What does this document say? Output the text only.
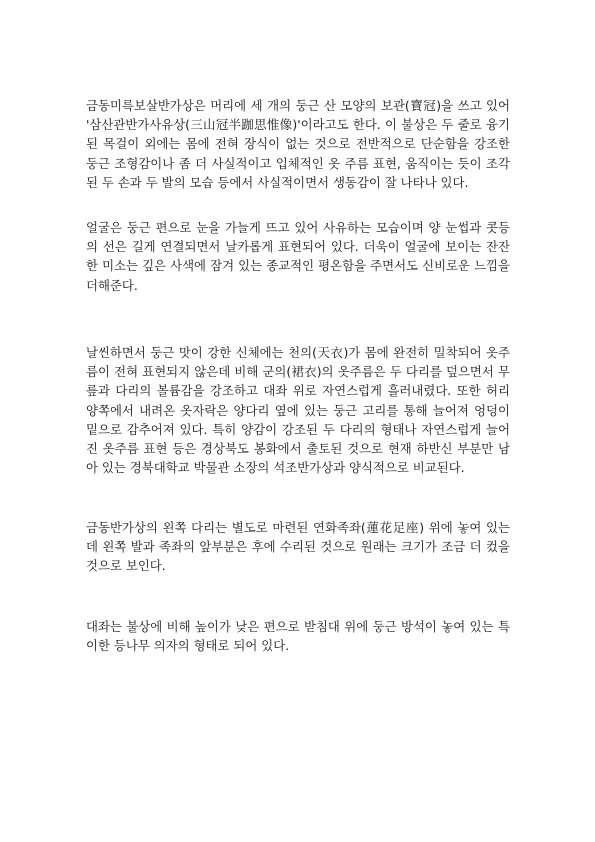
금동미륵보살반가상은 머리에 세 개의 둥근 산 모양의 보관(寶冠)을 쓰고 있어 '삼산관반가사유상(三山冠半跏思惟像)'이라고도 한다. 이 불상은 두 줄로 융기된 목걸이 외에는 몸에 전혀 장식이 없는 것으로 전반적으로 단순함을 강조한 둥근 조형감이나 좀 더 사실적이고 입체적인 옷 주름 표현, 움직이는 듯이 조각된 두 손과 두 발의 모습 등에서 사실적이면서 생동감이 잘 나타나 있다.

얼굴은 둥근 편으로 눈을 가늘게 뜨고 있어 사유하는 모습이며 양 눈썹과 콧등의 선은 길게 연결되면서 날카롭게 표현되어 있다. 더욱이 얼굴에 보이는 잔잔한 미소는 깊은 사색에 잠겨 있는 종교적인 평온함을 주면서도 신비로운 느낌을 더해준다.

날씬하면서 둥근 맛이 강한 신체에는 천의(天衣)가 몸에 완전히 밀착되어 옷주름이 전혀 표현되지 않은데 비해 군의(裙衣)의 옷주름은 두 다리를 덮으면서 무릎과 다리의 볼륨감을 강조하고 대좌 위로 자연스럽게 흘러내렸다. 또한 허리 양쪽에서 내려온 옷자락은 양다리 옆에 있는 둥근 고리를 통해 늘어져 엉덩이 밑으로 감추어져 있다. 특히 양감이 강조된 두 다리의 형태나 자연스럽게 늘어진 옷주름 표현 등은 경상북도 봉화에서 출토된 것으로 현재 하반신 부분만 남아 있는 경북대학교 박물관 소장의 석조반가상과 양식적으로 비교된다.

금동반가상의 왼쪽 다리는 별도로 마련된 연화족좌(蓮花足座) 위에 놓여 있는데 왼쪽 발과 족좌의 앞부분은 후에 수리된 것으로 원래는 크기가 조금 더 컸을 것으로 보인다.

대좌는 불상에 비해 높이가 낮은 편으로 받침대 위에 둥근 방석이 놓여 있는 특이한 등나무 의자의 형태로 되어 있다.
